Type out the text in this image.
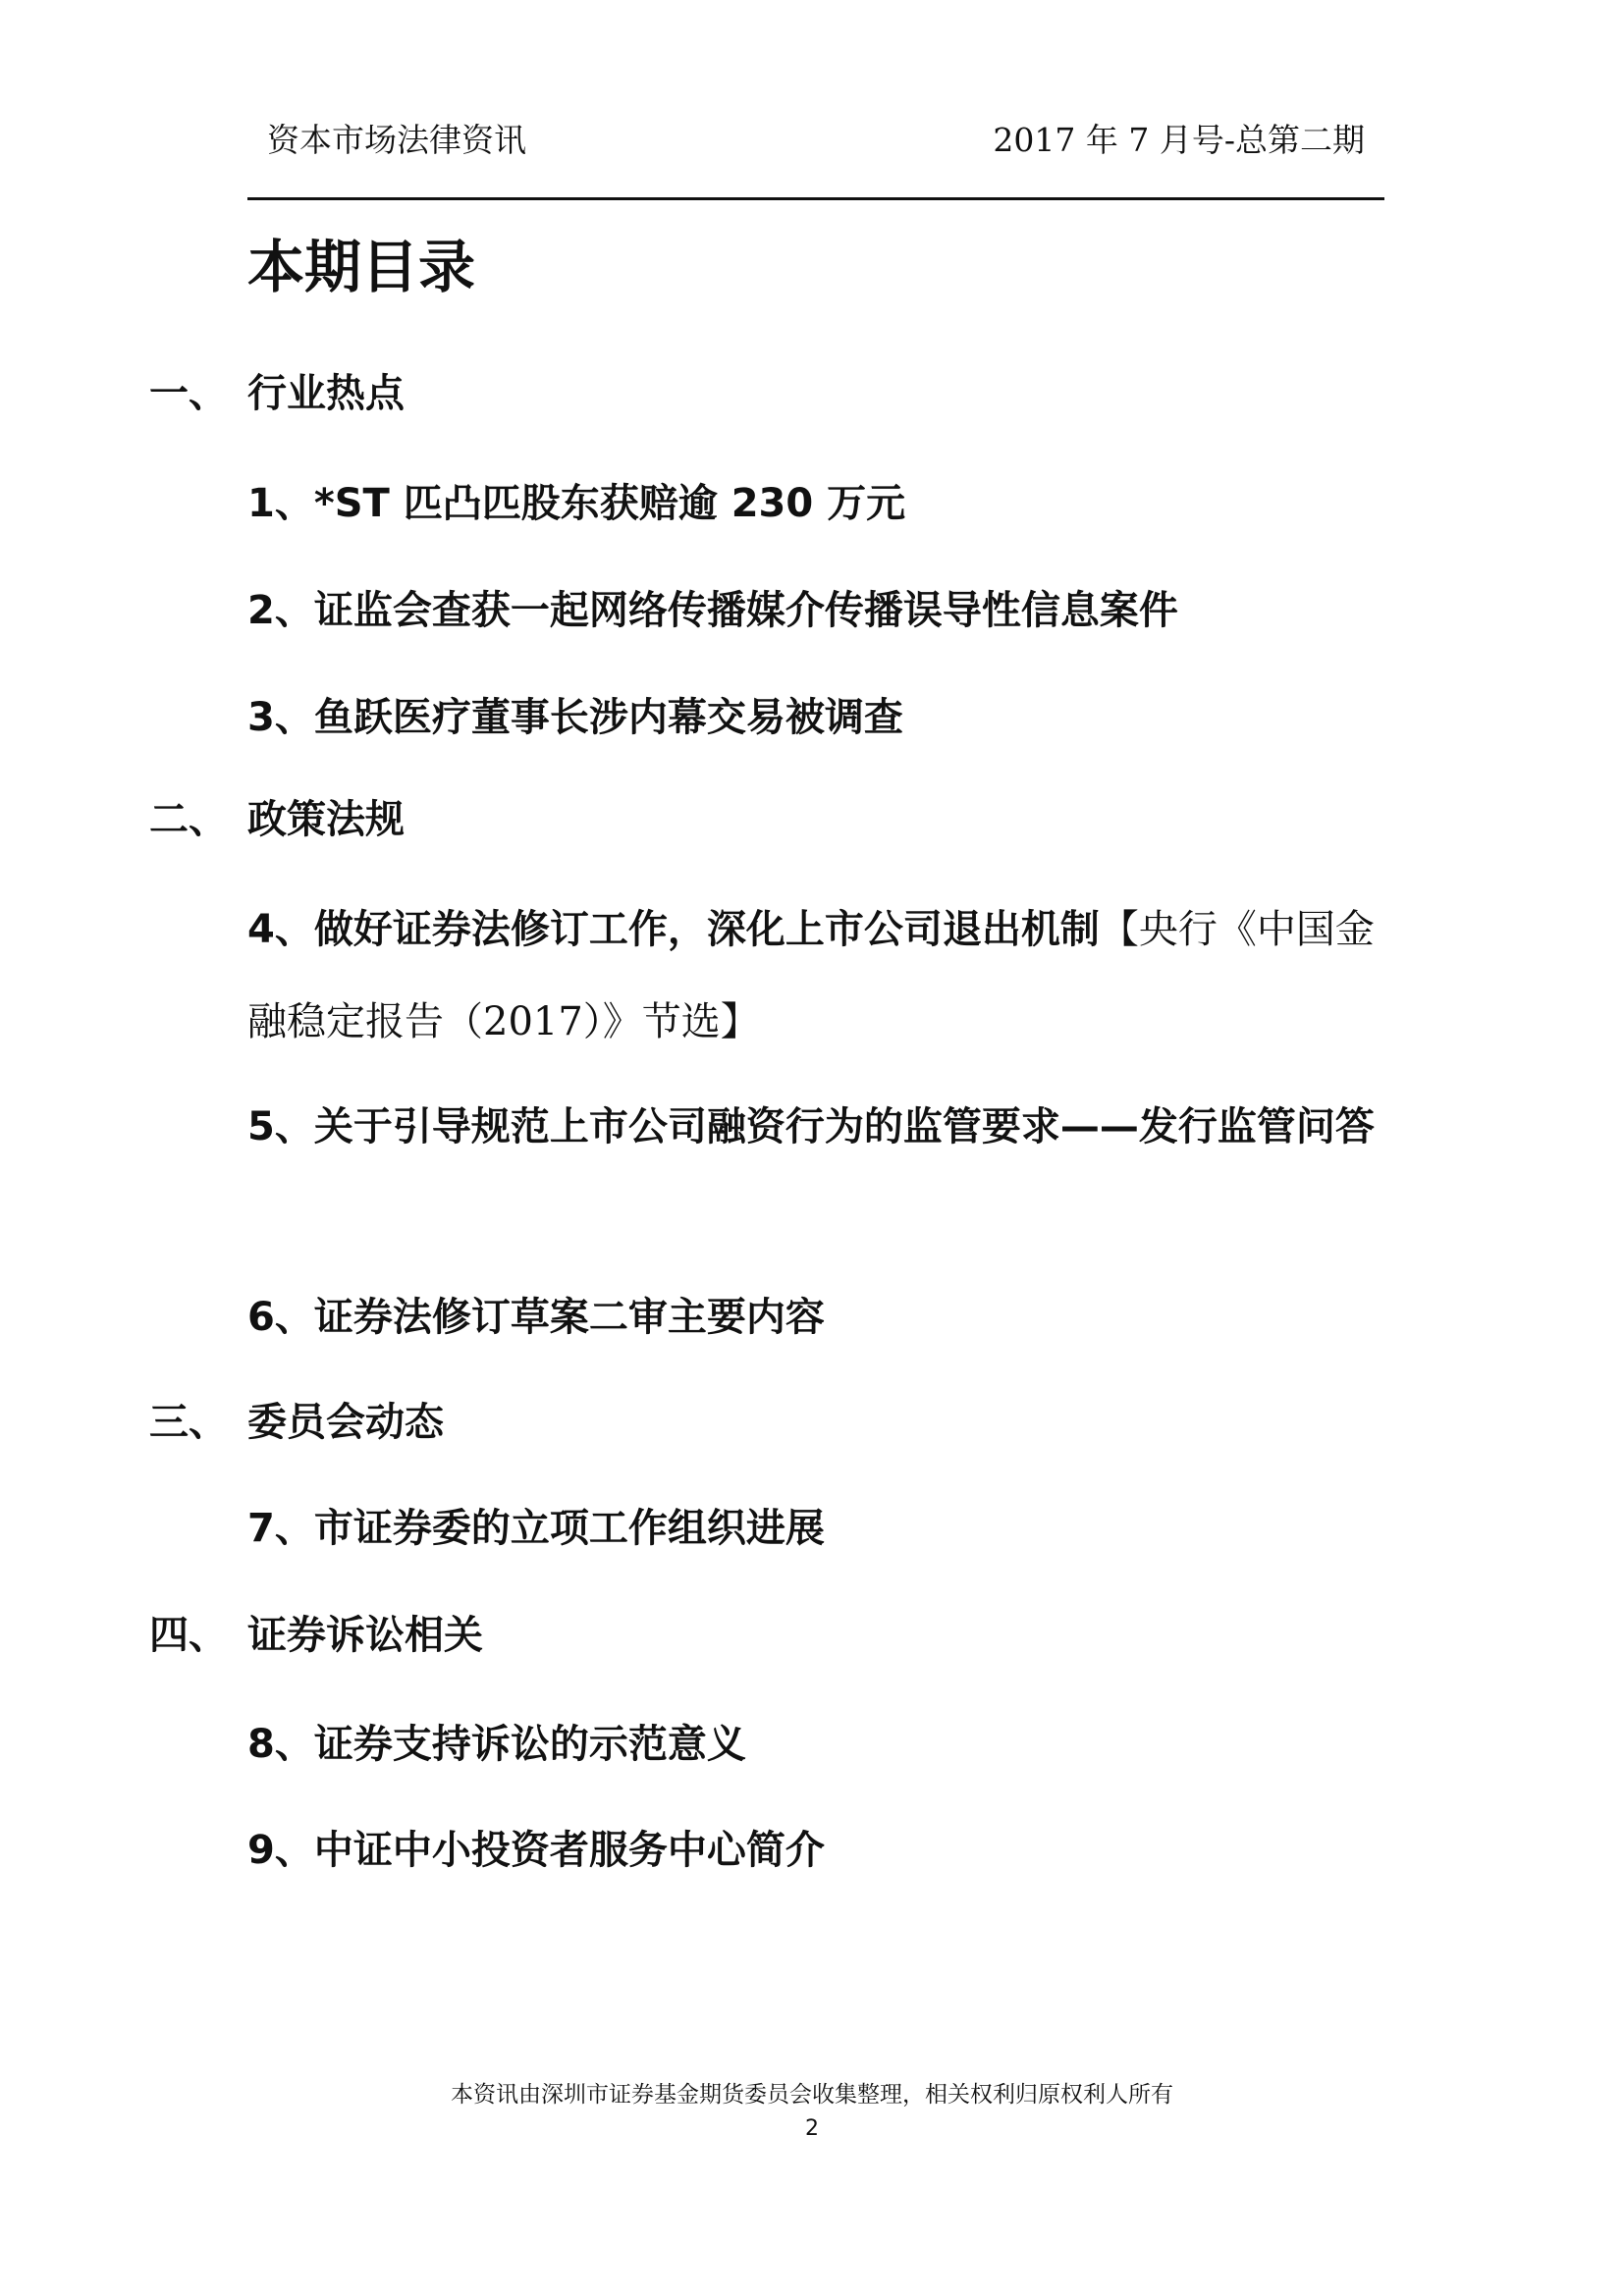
资本市场法律资讯	2017 年 7 月号-总第二期
本期目录
一、 行业热点
1、*ST 匹凸匹股东获赔逾 230 万元
2、证监会查获一起网络传播媒介传播误导性信息案件
3、鱼跃医疗董事长涉内幕交易被调查
二、 政策法规
4、做好证券法修订工作，深化上市公司退出机制【央行《中国金融稳定报告（2017）》节选】
5、关于引导规范上市公司融资行为的监管要求——发行监管问答
6、证券法修订草案二审主要内容
三、 委员会动态
7、市证券委的立项工作组织进展
四、 证券诉讼相关
8、证券支持诉讼的示范意义
9、中证中小投资者服务中心简介
本资讯由深圳市证券基金期货委员会收集整理，相关权利归原权利人所有
2
